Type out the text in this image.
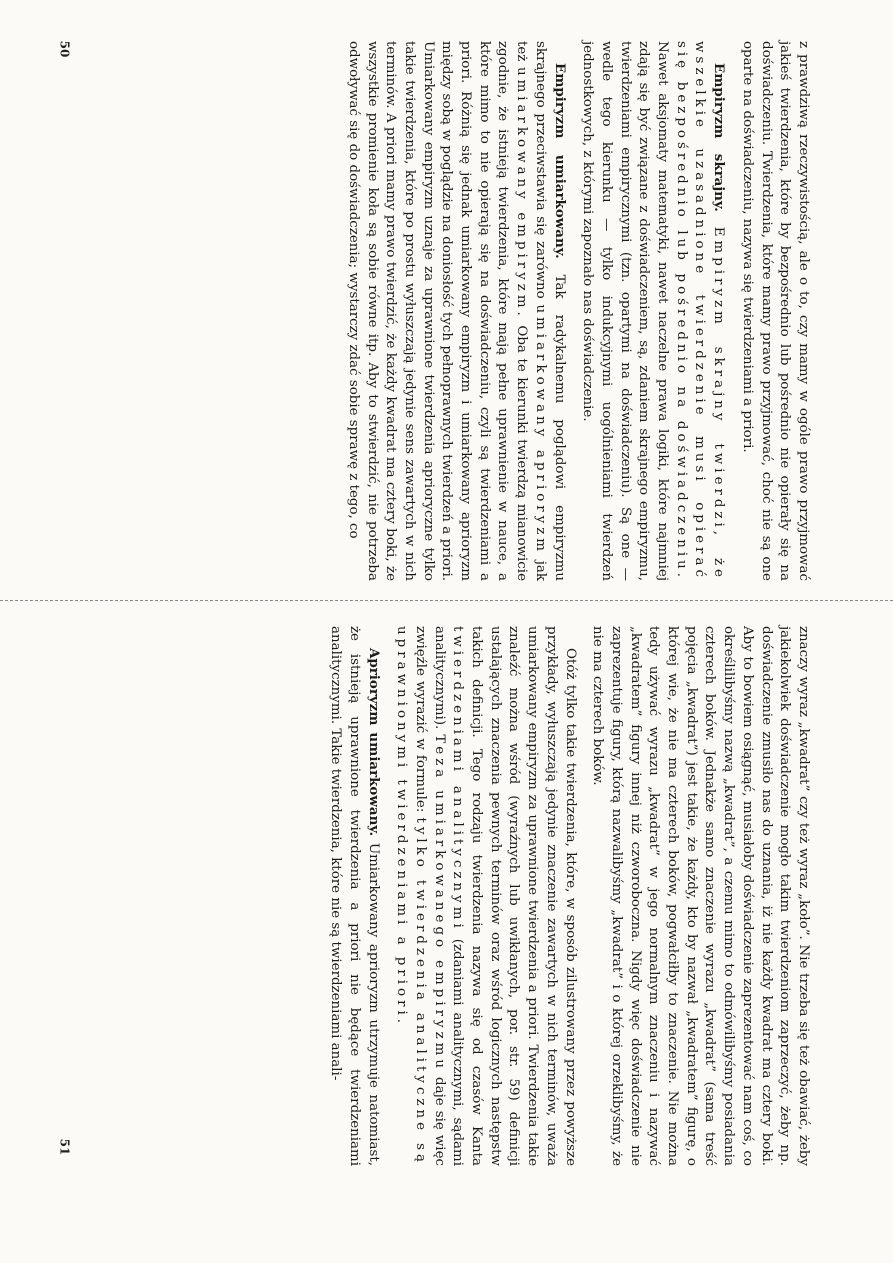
50
51

z prawdziwą rzeczywistością, ale o to, czy mamy w ogóle prawo przyjmować jakieś twierdzenia, które by bezpośrednio lub pośrednio nie opierały się na doświadczeniu. Twierdzenia, które mamy prawo przyjmować, choć nie są one oparte na doświadczeniu, nazywa się twierdzeniami a priori.

Empiryzm skrajny. Empiryzm skrajny twierdzi, że wszelkie uzasadnione twierdzenie musi opierać się bezpośrednio lub pośrednio na doświadczeniu. Nawet aksjomaty matematyki, nawet naczelne prawa logiki, które najmniej zdają się być związane z doświadczeniem, są, zdaniem skrajnego empiryzmu, twierdzeniami empirycznymi (tzn. opartymi na doświadczeniu). Są one — wedle tego kierunku — tylko indukcyjnymi uogólnieniami twierdzeń jednostkowych, z którymi zapoznało nas doświadczenie.

Empiryzm umiarkowany. Tak radykalnemu poglądowi empiryzmu skrajnego przeciwstawia się zarówno umiarkowany aprioryzm jak też umiarkowany empiryzm. Oba te kierunki twierdzą mianowicie zgodnie, że istnieją twierdzenia, które mają pełne uprawnienie w nauce, a które mimo to nie opierają się na doświadczeniu, czyli są twierdzeniami a priori. Różnią się jednak umiarkowany empiryzm i umiarkowany aprioryzm między sobą w poglądzie na doniosłość tych pełnoprawnych twierdzeń a priori. Umiarkowany empiryzm uznaje za uprawnione twierdzenia aprioryczne tylko takie twierdzenia, które po prostu wyłuszczają jedynie sens zawartych w nich terminów. A priori mamy prawo twierdzić, że każdy kwadrat ma cztery boki, że wszystkie promienie koła są sobie równe itp. Aby to stwierdzić, nie potrzeba odwoływać się do doświadczenia; wystarczy zdać sobie sprawę z tego, co

znaczy wyraz „kwadrat” czy też wyraz „koło”. Nie trzeba się też obawiać, żeby jakiekolwiek doświadczenie mogło takim twierdzeniom zaprzeczyć, żeby np. doświadczenie zmusiło nas do uznania, iż nie każdy kwadrat ma cztery boki. Aby to bowiem osiągnąć, musiałoby doświadczenie zaprezentować nam coś, co określilibyśmy nazwą „kwadrat”, a czemu mimo to odmówilibyśmy posiadania czterech boków. Jednakże samo znaczenie wyrazu „kwadrat” (sama treść pojęcia „kwadrat”) jest takie, że każdy, kto by nazwał „kwadratem” figurę, o której wie, że nie ma czterech boków, pogwałciłby to znaczenie. Nie można tedy używać wyrazu „kwadrat” w jego normalnym znaczeniu i nazywać „kwadratem” figury innej niż czworoboczna. Nigdy więc doświadczenie nie zaprezentuje figury, którą nazwalibyśmy „kwadrat” i o której orzeklibyśmy, że nie ma czterech boków.

Otóż tylko takie twierdzenia, które, w sposób zilustrowany przez powyższe przykłady, wyłuszczają jedynie znaczenie zawartych w nich terminów, uważa umiarkowany empiryzm za uprawnione twierdzenia a priori. Twierdzenia takie znaleźć można wśród (wyraźnych lub uwikłanych, por. str. 59) definicji ustalających znaczenia pewnych terminów oraz wśród logicznych następstw takich definicji. Tego rodzaju twierdzenia nazywa się od czasów Kanta twierdzeniami analitycznymi (zdaniami analitycznymi, sądami analitycznymi). Teza umiarkowanego empiryzmu daje się więc zwięźle wyrazić w formule: tylko twierdzenia analityczne są uprawnionymi twierdzeniami a priori.

Aprioryzm umiarkowany. Umiarkowany aprioryzm utrzymuje natomiast, że istnieją uprawnione twierdzenia a priori nie będące twierdzeniami analitycznymi. Takie twierdzenia, które nie są twierdzeniami anali-
